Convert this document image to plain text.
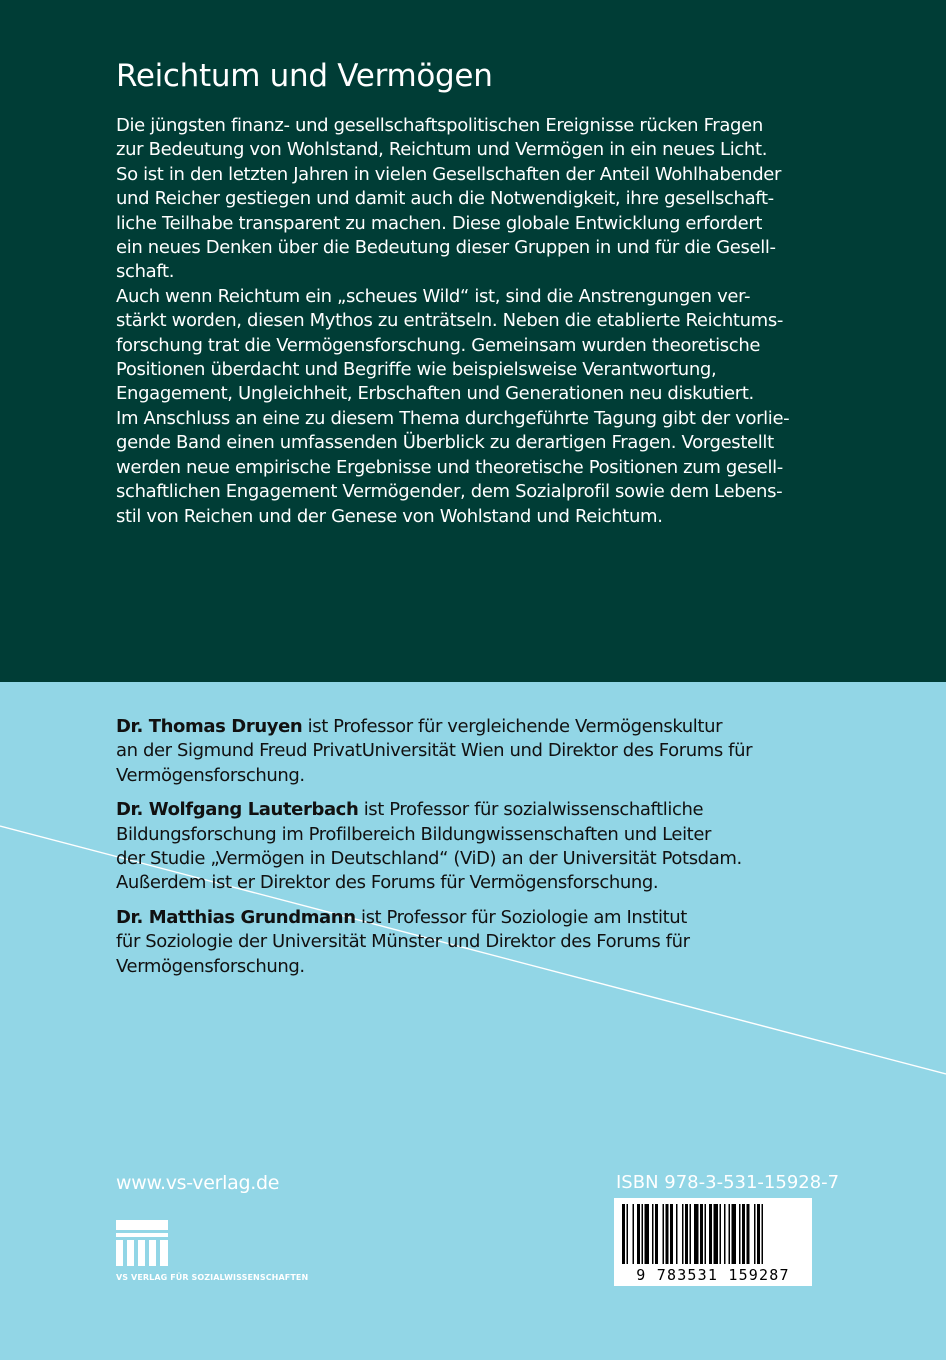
Reichtum und Vermögen
Die jüngsten finanz- und gesellschaftspolitischen Ereignisse rücken Fragen
zur Bedeutung von Wohlstand, Reichtum und Vermögen in ein neues Licht.
So ist in den letzten Jahren in vielen Gesellschaften der Anteil Wohlhabender
und Reicher gestiegen und damit auch die Notwendigkeit, ihre gesellschaft-
liche Teilhabe transparent zu machen. Diese globale Entwicklung erfordert
ein neues Denken über die Bedeutung dieser Gruppen in und für die Gesell-
schaft.
Auch wenn Reichtum ein „scheues Wild“ ist, sind die Anstrengungen ver-
stärkt worden, diesen Mythos zu enträtseln. Neben die etablierte Reichtums-
forschung trat die Vermögensforschung. Gemeinsam wurden theoretische
Positionen überdacht und Begriffe wie beispielsweise Verantwortung,
Engagement, Ungleichheit, Erbschaften und Generationen neu diskutiert.
Im Anschluss an eine zu diesem Thema durchgeführte Tagung gibt der vorlie-
gende Band einen umfassenden Überblick zu derartigen Fragen. Vorgestellt
werden neue empirische Ergebnisse und theoretische Positionen zum gesell-
schaftlichen Engagement Vermögender, dem Sozialprofil sowie dem Lebens-
stil von Reichen und der Genese von Wohlstand und Reichtum.
Dr. Thomas Druyen ist Professor für vergleichende Vermögenskultur
an der Sigmund Freud PrivatUniversität Wien und Direktor des Forums für
Vermögensforschung.
Dr. Wolfgang Lauterbach ist Professor für sozialwissenschaftliche
Bildungsforschung im Profilbereich Bildungwissenschaften und Leiter
der Studie „Vermögen in Deutschland“ (ViD) an der Universität Potsdam.
Außerdem ist er Direktor des Forums für Vermögensforschung.
Dr. Matthias Grundmann ist Professor für Soziologie am Institut
für Soziologie der Universität Münster und Direktor des Forums für
Vermögensforschung.
www.vs-verlag.de	ISBN 978-3-531-15928-7
9 783531 159287
VS VERLAG FÜR SOZIALWISSENSCHAFTEN
